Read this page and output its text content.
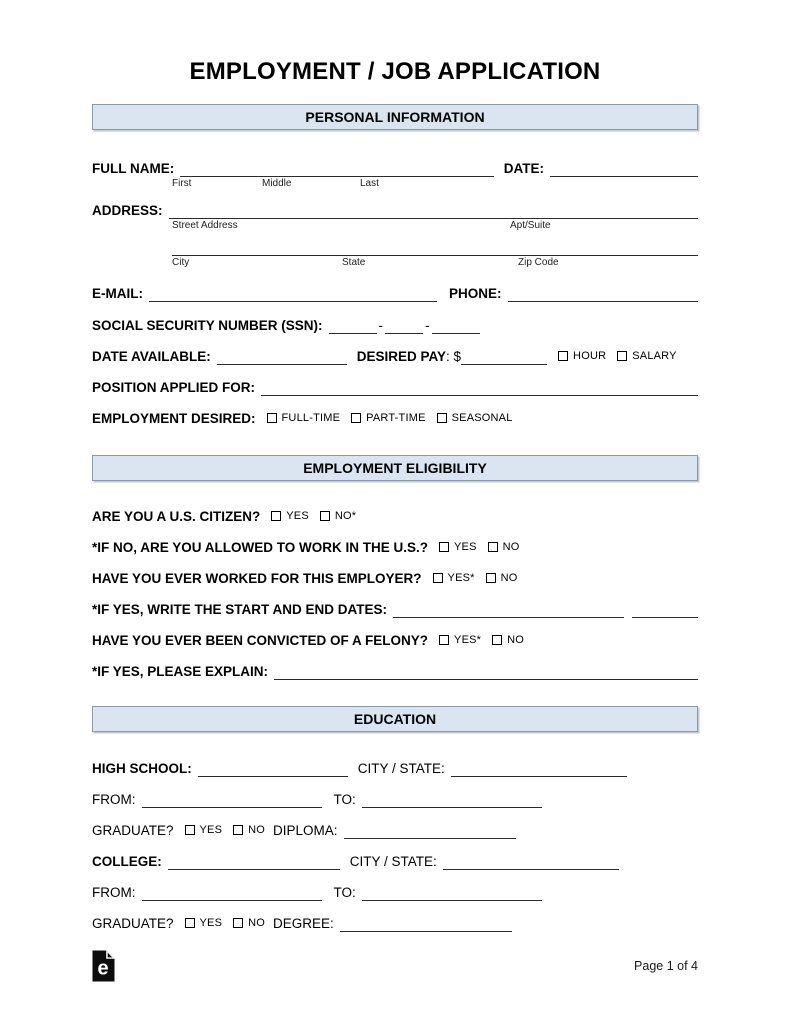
EMPLOYMENT / JOB APPLICATION
PERSONAL INFORMATION
FULL NAME:	DATE:
First	Middle	Last
ADDRESS:
Street Address	Apt/Suite
City	State	Zip Code
E-MAIL:	PHONE:
SOCIAL SECURITY NUMBER (SSN):	-	-
DATE AVAILABLE:	DESIRED PAY : $	HOUR SALARY
POSITION APPLIED FOR:
EMPLOYMENT DESIRED: FULL-TIME PART-TIME SEASONAL
EMPLOYMENT ELIGIBILITY
ARE YOU A U.S. CITIZEN? YES NO*
*IF NO, ARE YOU ALLOWED TO WORK IN THE U.S.? YES NO
HAVE YOU EVER WORKED FOR THIS EMPLOYER? YES* NO
*IF YES, WRITE THE START AND END DATES:
HAVE YOU EVER BEEN CONVICTED OF A FELONY? YES* NO
*IF YES, PLEASE EXPLAIN:
EDUCATION
HIGH SCHOOL:	CITY / STATE:
FROM:	TO:
GRADUATE? YES NO DIPLOMA:
COLLEGE:	CITY / STATE:
FROM:	TO:
GRADUATE? YES NO DEGREE:
e	Page 1 of 4
